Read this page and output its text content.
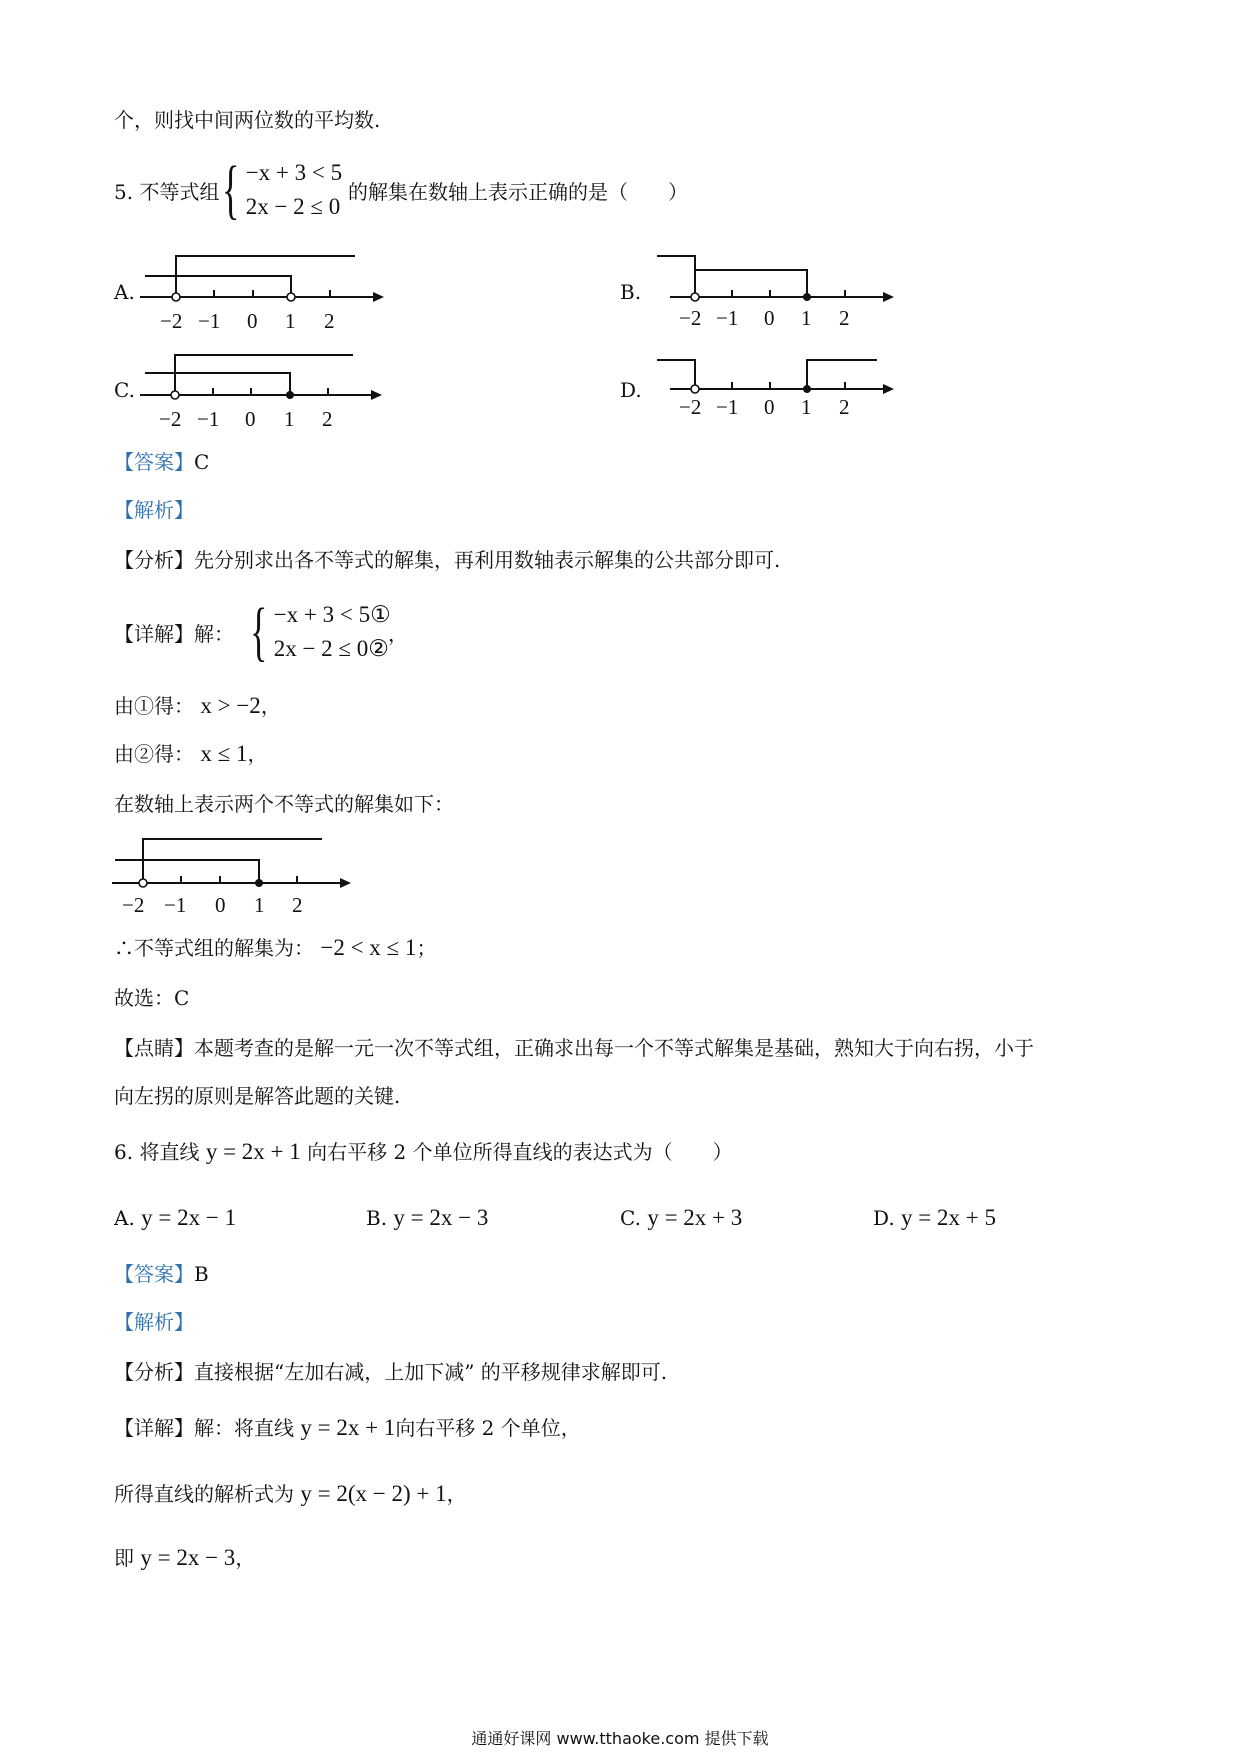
个，则找中间两位数的平均数.
5. 不等式组 { −x + 3 < 5
2x − 2 ≤ 0
的解集在数轴上表示正确的是（　　）
A.	B.
C.	D.
−2 −1 0 1 2	−2 −1 0 1 2
−2 −1 0 1 2	−2 −1 0 1 2
【答案】C
【解析】
【分析】先分别求出各不等式的解集，再利用数轴表示解集的公共部分即可.
【详解】解： { −x + 3 < 5①
2x − 2 ≤ 0②
，
由①得： x > −2，
由②得： x ≤ 1，
在数轴上表示两个不等式的解集如下：
−2 −1 0 1 2
∴不等式组的解集为： −2 < x ≤ 1；
故选：C
【点睛】本题考查的是解一元一次不等式组，正确求出每一个不等式解集是基础，熟知大于向右拐，小于
向左拐的原则是解答此题的关键.
6. 将直线 y = 2x + 1 向右平移 2 个单位所得直线的表达式为（　　）
A. y = 2x − 1	B. y = 2x − 3	C. y = 2x + 3	D. y = 2x + 5
【答案】B
【解析】
【分析】直接根据“左加右减，上加下减” 的平移规律求解即可.
【详解】解：将直线 y = 2x + 1向右平移 2 个单位，
所得直线的解析式为 y = 2(x − 2) + 1，
即 y = 2x − 3，
通通好课网 www.tthaoke.com 提供下载
